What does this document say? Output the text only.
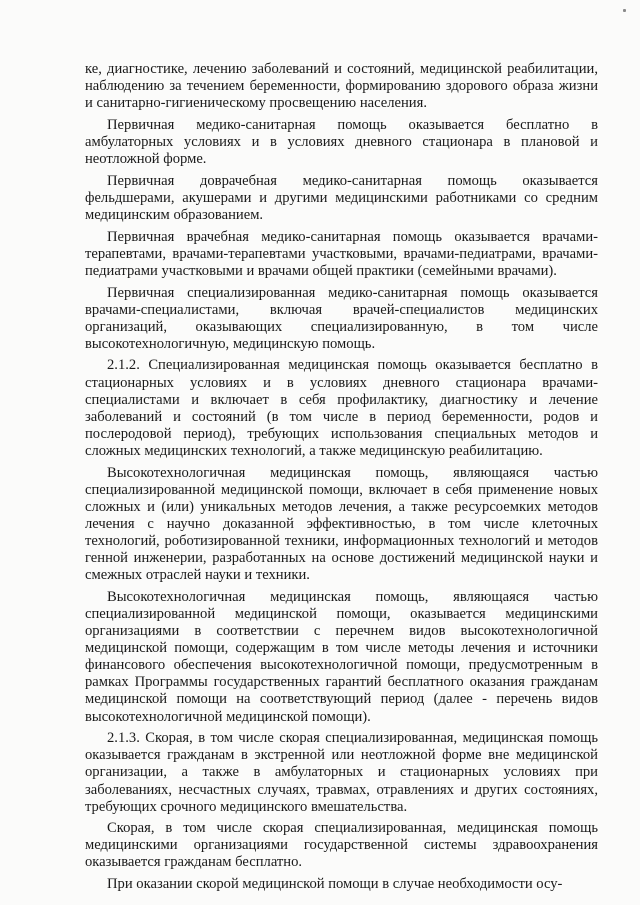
ке, диагностике, лечению заболеваний и состояний, медицинской реабилитации, наблюдению за течением беременности, формированию здорового образа жизни и санитарно-гигиеническому просвещению населения.

Первичная медико-санитарная помощь оказывается бесплатно в амбулаторных условиях и в условиях дневного стационара в плановой и неотложной форме.

Первичная доврачебная медико-санитарная помощь оказывается фельдшерами, акушерами и другими медицинскими работниками со средним медицинским образованием.

Первичная врачебная медико-санитарная помощь оказывается врачами-терапевтами, врачами-терапевтами участковыми, врачами-педиатрами, врачами-педиатрами участковыми и врачами общей практики (семейными врачами).

Первичная специализированная медико-санитарная помощь оказывается врачами-специалистами, включая врачей-специалистов медицинских организаций, оказывающих специализированную, в том числе высокотехнологичную, медицинскую помощь.

2.1.2. Специализированная медицинская помощь оказывается бесплатно в стационарных условиях и в условиях дневного стационара врачами-специалистами и включает в себя профилактику, диагностику и лечение заболеваний и состояний (в том числе в период беременности, родов и послеродовой период), требующих использования специальных методов и сложных медицинских технологий, а также медицинскую реабилитацию.

Высокотехнологичная медицинская помощь, являющаяся частью специализированной медицинской помощи, включает в себя применение новых сложных и (или) уникальных методов лечения, а также ресурсоемких методов лечения с научно доказанной эффективностью, в том числе клеточных технологий, роботизированной техники, информационных технологий и методов генной инженерии, разработанных на основе достижений медицинской науки и смежных отраслей науки и техники.

Высокотехнологичная медицинская помощь, являющаяся частью специализированной медицинской помощи, оказывается медицинскими организациями в соответствии с перечнем видов высокотехнологичной медицинской помощи, содержащим в том числе методы лечения и источники финансового обеспечения высокотехнологичной помощи, предусмотренным в рамках Программы государственных гарантий бесплатного оказания гражданам медицинской помощи на соответствующий период (далее - перечень видов высокотехнологичной медицинской помощи).

2.1.3. Скорая, в том числе скорая специализированная, медицинская помощь оказывается гражданам в экстренной или неотложной форме вне медицинской организации, а также в амбулаторных и стационарных условиях при заболеваниях, несчастных случаях, травмах, отравлениях и других состояниях, требующих срочного медицинского вмешательства.

Скорая, в том числе скорая специализированная, медицинская помощь медицинскими организациями государственной системы здравоохранения оказывается гражданам бесплатно.

При оказании скорой медицинской помощи в случае необходимости осу-
